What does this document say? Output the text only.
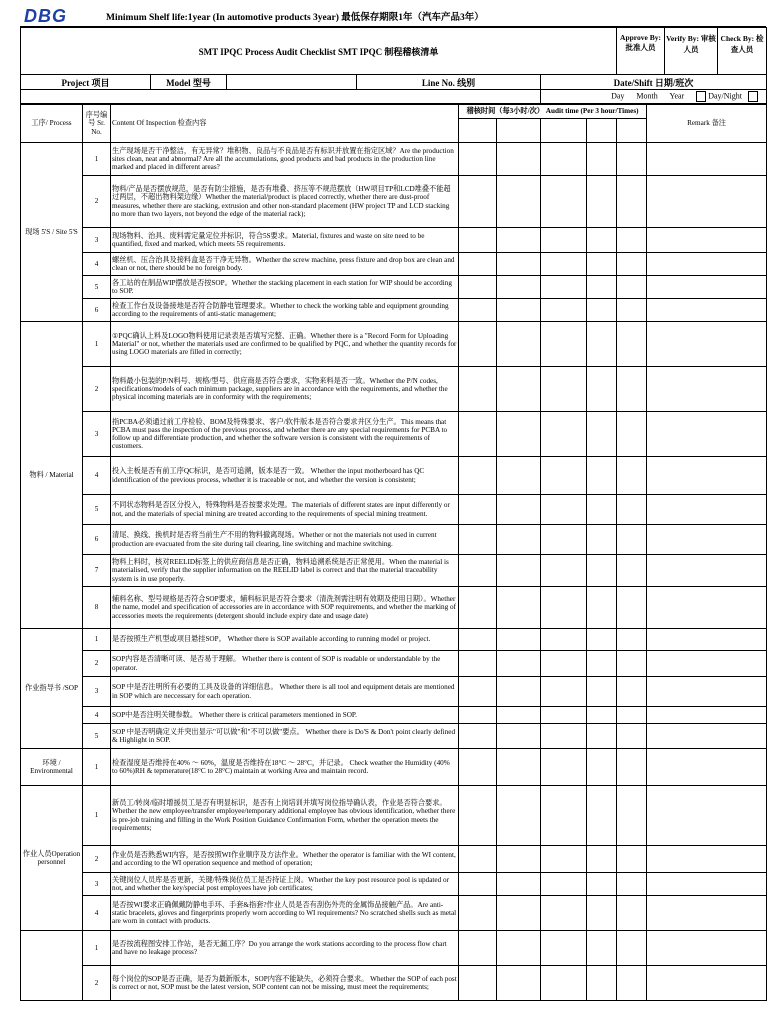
DBG	Minimum Shelf life:1year (In automotive products 3year) 最低保存期限1年（汽车产品3年）
SMT IPQC Process Audit Checklist SMT IPQC 制程稽核清单					Approve By: 批准人员	Verify By: 审核人员	Check By: 检查人员
Project 项目	Model 型号		Line No. 线别	Date/Shift 日期/班次			
				Day Month Year Day/Night			
工序/ Process	序号编号 Sr. No.	Content Of Inspection 检查内容	稽核时间（每3小时/次） Audit time (Per 3 hour/Times)					Remark 备注

现场 5'S / Site 5'S	1	生产现场是否干净整洁，有无异常？堆积物、良品与不良品是否有标识并放置在指定区域？Are the production sites clean, neat and abnormal? Are all the accumulations, good products and bad products in the production line marked and placed in different areas?						
	2	物料/产品是否摆放规范，是否有防尘措施，是否有堆叠、挤压等不规范摆放（HW项目TP和LCD堆叠不能超过两层，不超出物料架边缘）Whether the material/product is placed correctly, whether there are dust-proof measures, whether there are stacking, extrusion and other non-standard placement (HW project TP and LCD stacking no more than two layers, not beyond the edge of the material rack);						
	3	现场物料、治具、废料需定量定位并标识，符合5S要求。Material, fixtures and waste on site need to be quantified, fixed and marked, which meets 5S requirements.						
	4	螺丝机、压合治具及接料盒是否干净无异物。Whether the screw machine, press fixture and drop box are clean and clean or not, there should be no foreign body.						
	5	各工站的在制品WIP摆放是否按SOP。Whether the stacking placement in each station for WIP should be according to SOP.						
	6	检查工作台及设备接地是否符合防静电管理要求。Whether to check the working table and equipment grounding according to the requirements of anti-static management;						
物料 / Material	1	①PQC确认上料及LOGO物料使用记录表是否填写完整、正确。Whether there is a "Record Form for Uploading Material" or not, whether the materials used are confirmed to be qualified by PQC, and whether the quantity records for using LOGO materials are filled in correctly;						
	2	物料最小包装的P/N料号、规格/型号、供应商是否符合要求，实物来料是否一致。Whether the P/N codes, specifications/models of each minimum package, suppliers are in accordance with the requirements, and whether the physical incoming materials are in conformity with the requirements;						
	3	指PCBA必须通过前工序检验、BOM及特殊要求、客户/软件版本是否符合要求并区分生产。This means that PCBA must pass the inspection of the previous process, and whether there are any special requirements for PCBA to follow up and differentiate production, and whether the software version is consistent with the requirements of customers.						
	4	投入主板是否有前工序QC标识，是否可追溯，版本是否一致。 Whether the input motherboard has QC identification of the previous process, whether it is traceable or not, and whether the version is consistent;						
	5	不同状态物料是否区分投入，特殊物料是否按要求处理。The materials of different states are input differently or not, and the materials of special mining are treated according to the requirements of special mining treatment.						
	6	清尾、换线、换机时是否将当前生产不用的物料撤离现场。Whether or not the materials not used in current production are evacuated from the site during tail clearing, line switching and machine switching.						
	7	物料上料时，核对REELID标签上的供应商信息是否正确，物料追溯系统是否正常使用。When the material is materialised, verify that the supplier information on the REELID label is correct and that the material traceability system is in use properly.						
	8	辅料名称、型号规格是否符合SOP要求，辅料标识是否符合要求（清洗剂需注明有效期及使用日期）。Whether the name, model and specification of accessories are in accordance with SOP requirements, and whether the marking of accessories meets the requirements (detergent should include expiry date and usage date)						
作业指导书 /SOP	1	是否按照生产机型或项目悬挂SOP。 Whether there is SOP available according to running model or project.						
	2	SOP内容是否清晰可读、是否易于理解。 Whether there is content of SOP is readable or understandable by the operator.						
	3	SOP 中是否注明所有必要的工具及设备的详细信息。 Whether there is all tool and equipment detais are mentioned in SOP which are neccessary for each operation.						
	4	SOP中是否注明关键参数。 Whether there is critical parameters mentioned in SOP.						
	5	SOP 中是否明确定义并突出显示"可以做"和"不可以做"要点。 Whether there is Do'S & Don't point clearly defined & Highlight in SOP.						
环境 / Environmental	1	检查湿度是否维持在40% ～ 60%，温度是否维持在18°C ～ 28°C，并记录。 Check weather the Humidity (40% to 60%)RH & tepmerature(18°C to 28°C) maintain at working Area and maintain record.						
作业人员Operation personnel	1	新员工/转岗/临时增援员工是否有明显标识，是否有上岗培训并填写岗位指导确认表，作业是否符合要求。Whether the new employee/transfer employee/temporary additional employee has obvious identification, whether there is pre-job training and filling in the Work Position Guidance Confirmation Form, whether the operation meets the requirements;						
	2	作业员是否熟悉WI内容，是否按照WI作业顺序及方法作业。Whether the operator is familiar with the WI content, and according to the WI operation sequence and method of operation;						
	3	关键岗位人员库是否更新，关键/特殊岗位员工是否持证上岗。Whether the key post resource pool is updated or not, and whether the key/special post employees have job certificates;						
	4	是否按WI要求正确佩戴防静电手环、手套&指套?作业人员是否有刮伤外壳的金属饰品接触产品。Are anti-static bracelets, gloves and fingerprints properly worn according to WI requirements? No scratched shells such as metal are worn in contact with products.						
	1	是否按流程图安排工作站，是否无漏工序？Do you arrange the work stations according to the process flow chart and have no leakage process?						
	2	每个岗位的SOP是否正确，是否为最新版本，SOP内容不能缺失，必须符合要求。 Whether the SOP of each post is correct or not, SOP must be the latest version, SOP content can not be missing, must meet the requirements;						
